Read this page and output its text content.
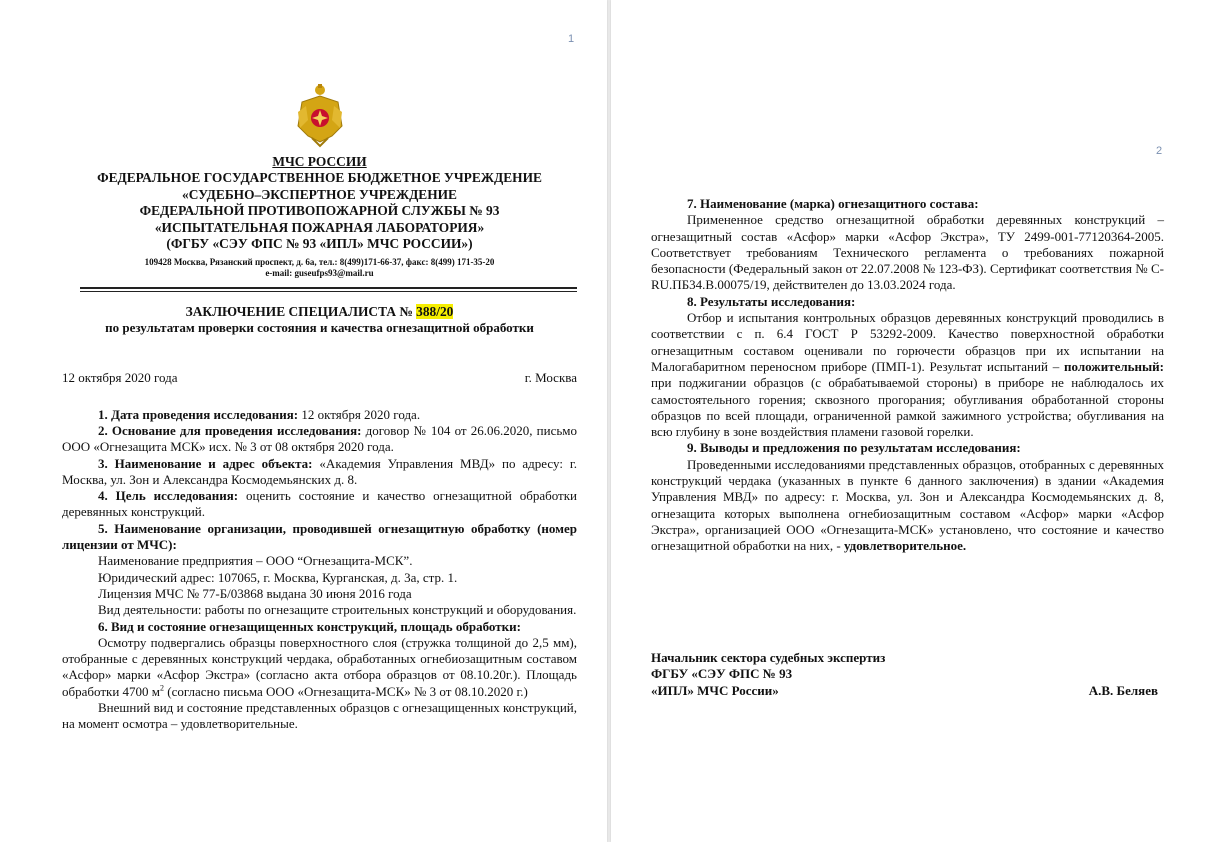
1
МЧС РОССИИ
ФЕДЕРАЛЬНОЕ ГОСУДАРСТВЕННОЕ БЮДЖЕТНОЕ УЧРЕЖДЕНИЕ
«СУДЕБНО–ЭКСПЕРТНОЕ УЧРЕЖДЕНИЕ
ФЕДЕРАЛЬНОЙ ПРОТИВОПОЖАРНОЙ СЛУЖБЫ № 93
«ИСПЫТАТЕЛЬНАЯ ПОЖАРНАЯ ЛАБОРАТОРИЯ»
(ФГБУ «СЭУ ФПС № 93 «ИПЛ» МЧС РОССИИ»)
109428 Москва, Рязанский проспект, д. 6а, тел.: 8(499)171-66-37, факс: 8(499) 171-35-20
e-mail: guseufps93@mail.ru
ЗАКЛЮЧЕНИЕ СПЕЦИАЛИСТА № 388/20
по результатам проверки состояния и качества огнезащитной обработки
12 октября 2020 года	г. Москва
1. Дата проведения исследования: 12 октября 2020 года.
2. Основание для проведения исследования: договор № 104 от 26.06.2020, письмо ООО «Огнезащита МСК» исх. № 3 от 08 октября 2020 года.
3. Наименование и адрес объекта: «Академия Управления МВД» по адресу: г. Москва, ул. Зон и Александра Космодемьянских д. 8.
4. Цель исследования: оценить состояние и качество огнезащитной обработки деревянных конструкций.
5. Наименование организации, проводившей огнезащитную обработку (номер лицензии от МЧС):
Наименование предприятия – ООО “Огнезащита-МСК”.
Юридический адрес: 107065, г. Москва, Курганская, д. 3а, стр. 1.
Лицензия МЧС № 77-Б/03868 выдана 30 июня 2016 года
Вид деятельности: работы по огнезащите строительных конструкций и оборудования.
6. Вид и состояние огнезащищенных конструкций, площадь обработки:
Осмотру подвергались образцы поверхностного слоя (стружка толщиной до 2,5 мм), отобранные с деревянных конструкций чердака, обработанных огнебиозащитным составом «Асфор» марки «Асфор Экстра» (согласно акта отбора образцов от 08.10.20г.). Площадь обработки 4700 $м^2$ (согласно письма ООО «Огнезащита-МСК» № 3 от 08.10.2020 г.)
Внешний вид и состояние представленных образцов с огнезащищенных конструкций, на момент осмотра – удовлетворительные.
2
7. Наименование (марка) огнезащитного состава:
Примененное средство огнезащитной обработки деревянных конструкций – огнезащитный состав «Асфор» марки «Асфор Экстра», ТУ 2499-001-77120364-2005. Соответствует требованиям Технического регламента о требованиях пожарной безопасности (Федеральный закон от 22.07.2008 № 123-ФЗ). Сертификат соответствия № C-RU.ПБ34.В.00075/19, действителен до 13.03.2024 года.
8. Результаты исследования:
Отбор и испытания контрольных образцов деревянных конструкций проводились в соответствии с п. 6.4 ГОСТ Р 53292-2009. Качество поверхностной обработки огнезащитным составом оценивали по горючести образцов при их испытании на Малогабаритном переносном приборе (ПМП-1). Результат испытаний – положительный: при поджигании образцов (с обрабатываемой стороны) в приборе не наблюдалось их самостоятельного горения; сквозного прогорания; обугливания обработанной стороны образцов по всей площади, ограниченной рамкой зажимного устройства; обугливания на всю глубину в зоне воздействия пламени газовой горелки.
9. Выводы и предложения по результатам исследования:
Проведенными исследованиями представленных образцов, отобранных с деревянных конструкций чердака (указанных в пункте 6 данного заключения) в здании «Академия Управления МВД» по адресу: г. Москва, ул. Зон и Александра Космодемьянских д. 8, огнезащита которых выполнена огнебиозащитным составом «Асфор» марки «Асфор Экстра», организацией ООО «Огнезащита-МСК» установлено, что состояние и качество огнезащитной обработки на них, - удовлетворительное.
Начальник сектора судебных экспертиз
ФГБУ «СЭУ ФПС № 93
«ИПЛ» МЧС России»	А.В. Беляев
